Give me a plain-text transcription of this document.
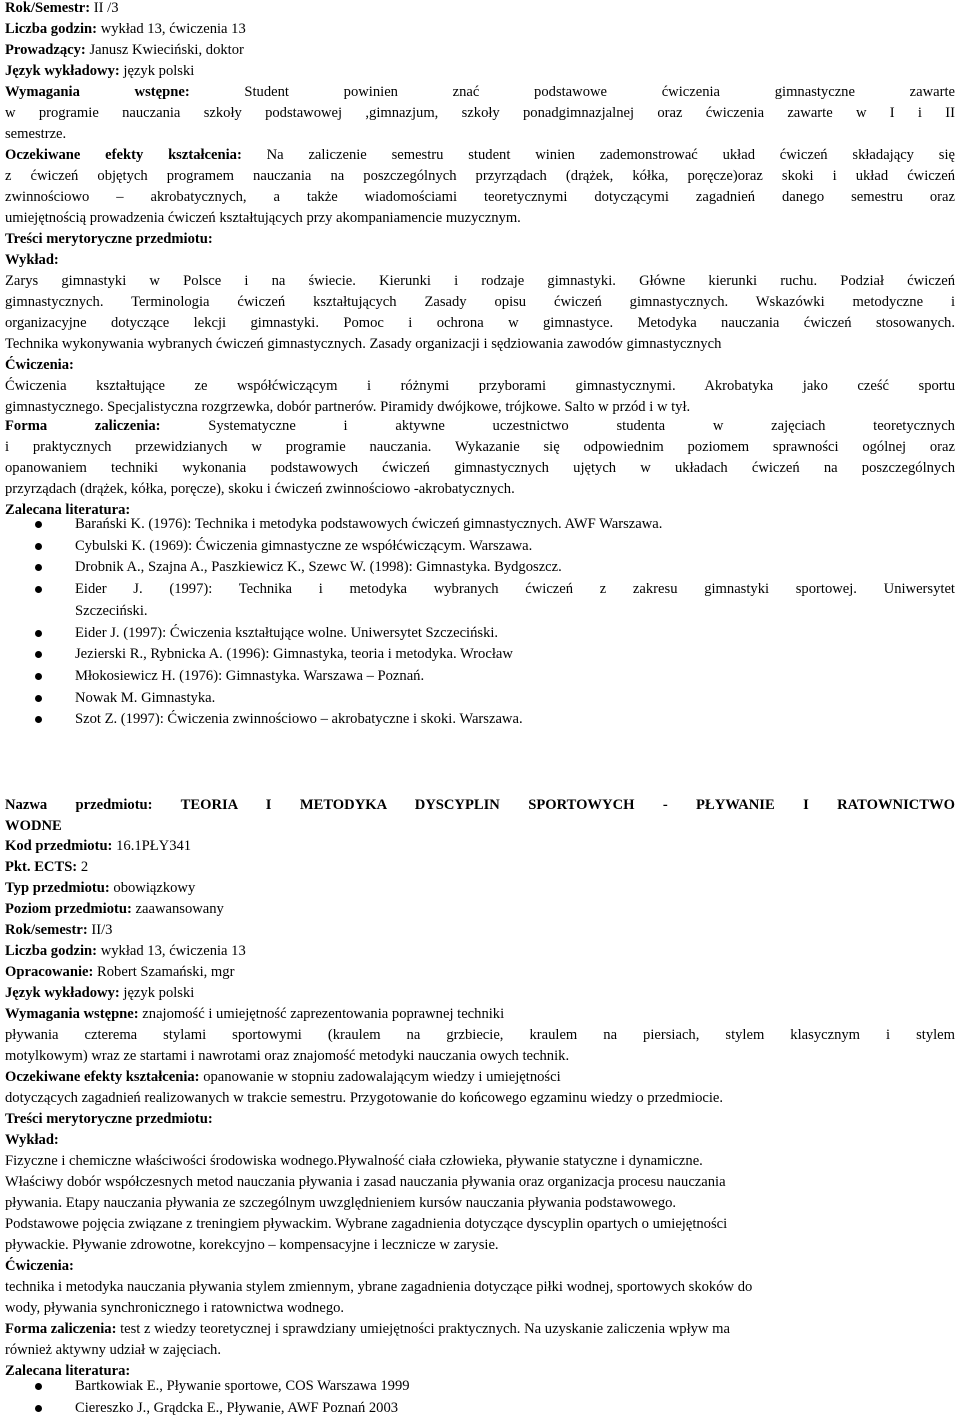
Rok/Semestr: II /3
Liczba godzin: wykład 13, ćwiczenia 13
Prowadzący: Janusz Kwieciński, doktor
Język wykładowy: język polski
Wymagania wstępne:	Student powinien znać podstawowe ćwiczenia gimnastyczne zawarte
w programie nauczania szkoły podstawowej ,gimnazjum, szkoły ponadgimnazjalnej oraz ćwiczenia zawarte w I i II
semestrze.
Oczekiwane efekty kształcenia: Na zaliczenie semestru student winien zademonstrować układ ćwiczeń składający się
z ćwiczeń objętych programem nauczania na poszczególnych przyrządach (drążek, kółka, poręcze)oraz skoki i układ ćwiczeń
zwinnościowo – akrobatycznych, a także wiadomościami teoretycznymi dotyczącymi zagadnień danego semestru oraz
umiejętnością prowadzenia ćwiczeń kształtujących przy akompaniamencie muzycznym.
Treści merytoryczne przedmiotu:
Wykład:
Zarys gimnastyki w Polsce i na świecie. Kierunki i rodzaje gimnastyki. Główne kierunki ruchu. Podział ćwiczeń
gimnastycznych. Terminologia ćwiczeń kształtujących Zasady opisu ćwiczeń gimnastycznych. Wskazówki metodyczne i
organizacyjne dotyczące lekcji gimnastyki. Pomoc i ochrona w gimnastyce. Metodyka nauczania ćwiczeń stosowanych.
Technika wykonywania wybranych ćwiczeń gimnastycznych. Zasady organizacji i sędziowania zawodów gimnastycznych
Ćwiczenia:
Ćwiczenia kształtujące ze współćwiczącym i różnymi przyborami gimnastycznymi. Akrobatyka jako cześć sportu
gimnastycznego. Specjalistyczna rozgrzewka, dobór partnerów. Piramidy dwójkowe, trójkowe. Salto w przód i w tył.
Forma zaliczenia:	Systematyczne i aktywne uczestnictwo studenta w zajęciach teoretycznych
i praktycznych przewidzianych w programie nauczania. Wykazanie się odpowiednim poziomem sprawności ogólnej oraz
opanowaniem techniki wykonania podstawowych ćwiczeń gimnastycznych ujętych w układach ćwiczeń na poszczególnych
przyrządach (drążek, kółka, poręcze), skoku i ćwiczeń zwinnościowo -akrobatycznych.
Zalecana literatura:
Barański K. (1976): Technika i metodyka podstawowych ćwiczeń gimnastycznych. AWF Warszawa.
Cybulski K. (1969): Ćwiczenia gimnastyczne ze współćwiczącym. Warszawa.
Drobnik A., Szajna A., Paszkiewicz K., Szewc W. (1998): Gimnastyka. Bydgoszcz.
Eider J. (1997): Technika i metodyka wybranych ćwiczeń z zakresu gimnastyki sportowej. Uniwersytet
Szczeciński.
Eider J. (1997): Ćwiczenia kształtujące wolne. Uniwersytet Szczeciński.
Jezierski R., Rybnicka A. (1996): Gimnastyka, teoria i metodyka. Wrocław
Młokosiewicz H. (1976): Gimnastyka. Warszawa – Poznań.
Nowak M. Gimnastyka.
Szot Z. (1997): Ćwiczenia zwinnościowo – akrobatyczne i skoki. Warszawa.
Nazwa przedmiotu: TEORIA I METODYKA DYSCYPLIN SPORTOWYCH - PŁYWANIE I RATOWNICTWO
WODNE
Kod przedmiotu: 16.1PŁY341
Pkt. ECTS: 2
Typ przedmiotu: obowiązkowy
Poziom przedmiotu: zaawansowany
Rok/semestr: II/3
Liczba godzin: wykład 13, ćwiczenia 13
Opracowanie: Robert Szamański, mgr
Język wykładowy: język polski
Wymagania wstępne: znajomość i umiejętność zaprezentowania poprawnej techniki
pływania czterema stylami sportowymi (kraulem na grzbiecie, kraulem na piersiach, stylem klasycznym i stylem
motylkowym) wraz ze startami i nawrotami oraz znajomość metodyki nauczania owych technik.
Oczekiwane efekty kształcenia: opanowanie w stopniu zadowalającym wiedzy i umiejętności
dotyczących zagadnień realizowanych w trakcie semestru. Przygotowanie do końcowego egzaminu wiedzy o przedmiocie.
Treści merytoryczne przedmiotu:
Wykład:
Fizyczne i chemiczne właściwości środowiska wodnego.Pływalność ciała człowieka, pływanie statyczne i dynamiczne.
Właściwy dobór współczesnych metod nauczania pływania i zasad nauczania pływania oraz organizacja procesu nauczania
pływania. Etapy nauczania pływania ze szczególnym uwzględnieniem kursów nauczania pływania podstawowego.
Podstawowe pojęcia związane z treningiem pływackim. Wybrane zagadnienia dotyczące dyscyplin opartych o umiejętności
pływackie. Pływanie zdrowotne, korekcyjno – kompensacyjne i lecznicze w zarysie.
Ćwiczenia:
technika i metodyka nauczania pływania stylem zmiennym, ybrane zagadnienia dotyczące piłki wodnej, sportowych skoków do
wody, pływania synchronicznego i ratownictwa wodnego.
Forma zaliczenia: test z wiedzy teoretycznej i sprawdziany umiejętności praktycznych. Na uzyskanie zaliczenia wpływ ma
również aktywny udział w zajęciach.
Zalecana literatura:
Bartkowiak E., Pływanie sportowe, COS Warszawa 1999
Ciereszko J., Grądcka E., Pływanie, AWF Poznań 2003
